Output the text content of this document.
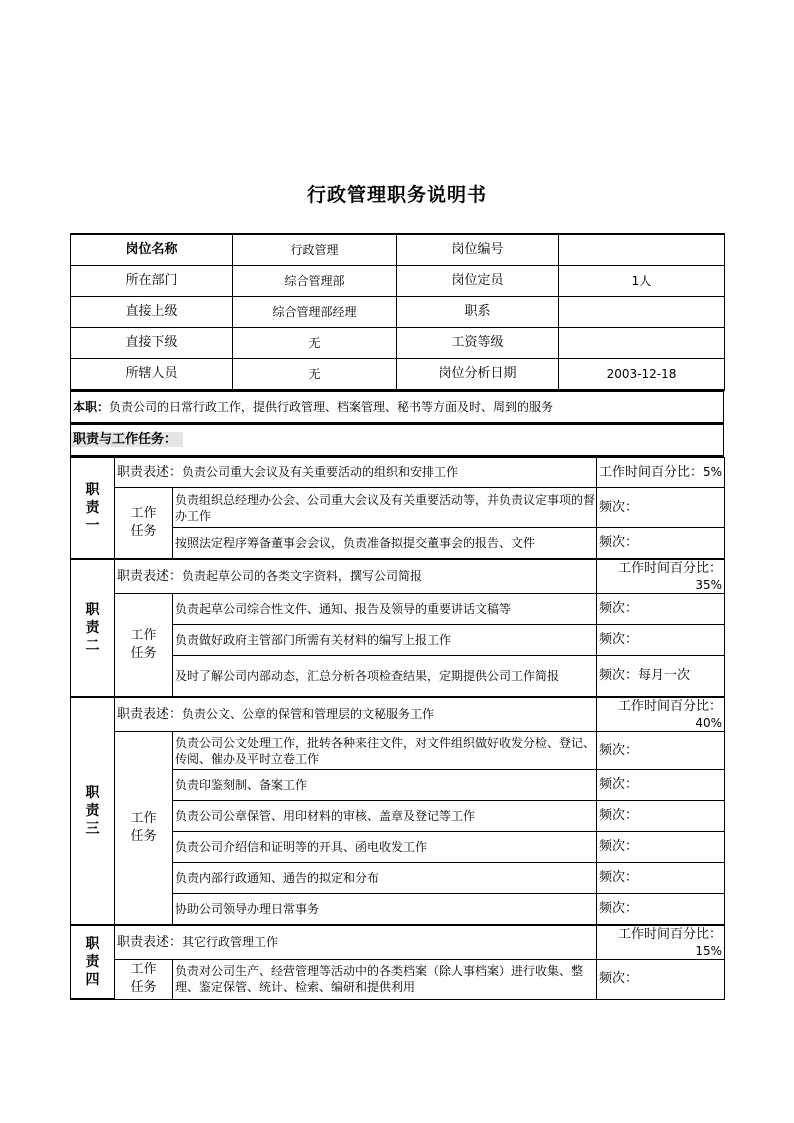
行政管理职务说明书
岗位名称	行政管理	岗位编号	
所在部门	综合管理部	岗位定员	1人
直接上级	综合管理部经理	职系	
直接下级	无	工资等级	
所辖人员	无	岗位分析日期	2003-12-18
本职：负责公司的日常行政工作，提供行政管理、档案管理、秘书等方面及时、周到的服务
职责与工作任务：
职责一	职责表述：负责公司重大会议及有关重要活动的组织和安排工作		工作时间百分比：5%

	工作任务	负责组织总经理办公会、公司重大会议及有关重要活动等，并负责议定事项的督办工作	频次：
		按照法定程序筹备董事会会议，负责准备拟提交董事会的报告、文件	频次：

职责二	职责表述：负责起草公司的各类文字资料，撰写公司简报		工作时间百分比：35%

	工作任务	负责起草公司综合性文件、通知、报告及领导的重要讲话文稿等	频次：
		负责做好政府主管部门所需有关材料的编写上报工作	频次：
		及时了解公司内部动态，汇总分析各项检查结果，定期提供公司工作简报	频次：每月一次

职责三	职责表述：负责公文、公章的保管和管理层的文秘服务工作		工作时间百分比：40%

	工作任务	负责公司公文处理工作，批转各种来往文件，对文件组织做好收发分检、登记、传阅、催办及平时立卷工作	频次：
		负责印鉴刻制、备案工作	频次：
		负责公司公章保管、用印材料的审核、盖章及登记等工作	频次：
		负责公司介绍信和证明等的开具、函电收发工作	频次：
		负责内部行政通知、通告的拟定和分布	频次：
		协助公司领导办理日常事务	频次：

职责四	职责表述：其它行政管理工作		工作时间百分比：15%

	工作任务	负责对公司生产、经营管理等活动中的各类档案（除人事档案）进行收集、整理、鉴定保管、统计、检索、编研和提供利用	频次：
